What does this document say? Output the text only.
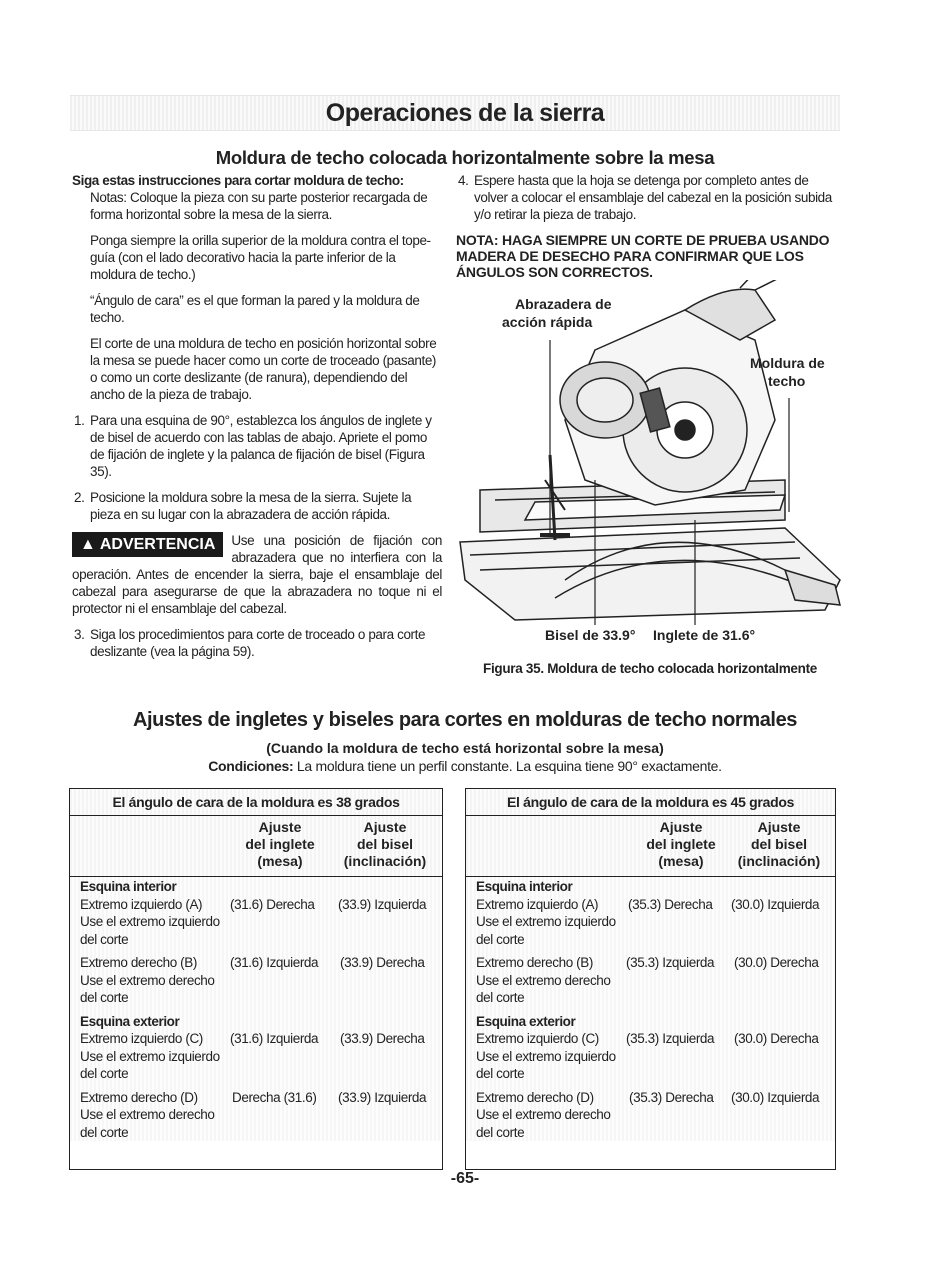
Operaciones de la sierra
Moldura de techo colocada horizontalmente sobre la mesa
Siga estas instrucciones para cortar moldura de techo:

Notas: Coloque la pieza con su parte posterior recargada de forma horizontal sobre la mesa de la sierra.

Ponga siempre la orilla superior de la moldura contra el tope-guía (con el lado decorativo hacia la parte inferior de la moldura de techo.)

“Ángulo de cara” es el que forman la pared y la moldura de techo.

El corte de una moldura de techo en posición horizontal sobre la mesa se puede hacer como un corte de troceado (pasante) o como un corte deslizante (de ranura), dependiendo del ancho de la pieza de trabajo.

1. Para una esquina de 90°, establezca los ángulos de inglete y de bisel de acuerdo con las tablas de abajo. Apriete el pomo de fijación de inglete y la palanca de fijación de bisel (Figura 35).

2. Posicione la moldura sobre la mesa de la sierra. Sujete la pieza en su lugar con la abrazadera de acción rápida.

▲ ADVERTENCIA	Use una posición de fijación con abrazadera que no interfiera con la operación. Antes de encender la sierra, baje el ensamblaje del cabezal para asegurarse de que la abrazadera no toque ni el protector ni el ensamblaje del cabezal.

3. Siga los procedimientos para corte de troceado o para corte deslizante (vea la página 59).

4. Espere hasta que la hoja se detenga por completo antes de volver a colocar el ensamblaje del cabezal en la posición subida y/o retirar la pieza de trabajo.

NOTA: HAGA SIEMPRE UN CORTE DE PRUEBA USANDO MADERA DE DESECHO PARA CONFIRMAR QUE LOS ÁNGULOS SON CORRECTOS.
Abrazadera de
acción rápida
Moldura de
techo
Bisel de 33.9° Inglete de 31.6°
Figura 35. Moldura de techo colocada horizontalmente
Ajustes de ingletes y biseles para cortes en molduras de techo normales
(Cuando la moldura de techo está horizontal sobre la mesa)
Condiciones: La moldura tiene un perfil constante. La esquina tiene 90° exactamente.
El ángulo de cara de la moldura es 38 grados
Ajuste
del inglete
(mesa)
Ajuste
del bisel
(inclinación)
Esquina interior
Extremo izquierdo (A) (31.6) Derecha (33.9) Izquierda
Use el extremo izquierdo
del corte
Extremo derecho (B) (31.6) Izquierda (33.9) Derecha
Use el extremo derecho
del corte
Esquina exterior
Extremo izquierdo (C) (31.6) Izquierda (33.9) Derecha
Use el extremo izquierdo
del corte
Extremo derecho (D)	Derecha (31.6) (33.9) Izquierda
Use el extremo derecho
del corte
El ángulo de cara de la moldura es 45 grados
Ajuste
del inglete
(mesa)
Ajuste
del bisel
(inclinación)
Esquina interior
Extremo izquierdo (A) (35.3) Derecha (30.0) Izquierda
Use el extremo izquierdo
del corte
Extremo derecho (B) (35.3) Izquierda (30.0) Derecha
Use el extremo derecho
del corte
Esquina exterior
Extremo izquierdo (C) (35.3) Izquierda (30.0) Derecha
Use el extremo izquierdo
del corte
Extremo derecho (D)	(35.3) Derecha (30.0) Izquierda
Use el extremo derecho
del corte
-65-
